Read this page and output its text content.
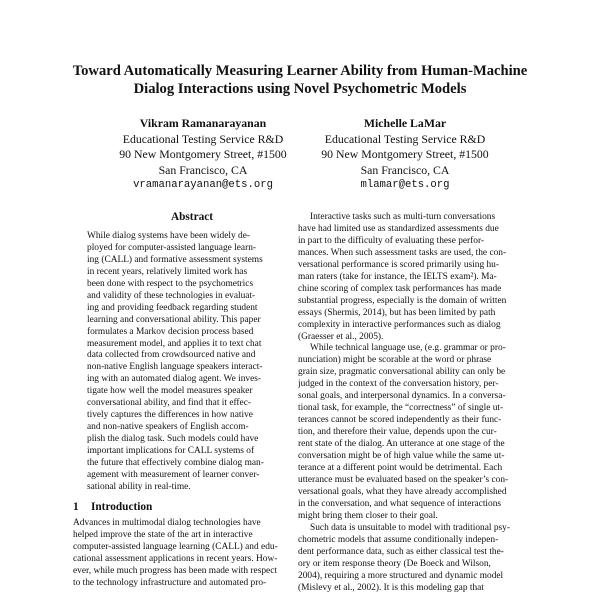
Toward Automatically Measuring Learner Ability from Human-Machine
Dialog Interactions using Novel Psychometric Models
Vikram Ramanarayanan
Educational Testing Service R&D
90 New Montgomery Street, #1500
San Francisco, CA
vramanarayanan@ets.org
Michelle LaMar
Educational Testing Service R&D
90 New Montgomery Street, #1500
San Francisco, CA
mlamar@ets.org
Abstract
While dialog systems have been widely de-
ployed for computer-assisted language learn-
ing (CALL) and formative assessment systems
in recent years, relatively limited work has
been done with respect to the psychometrics
and validity of these technologies in evaluat-
ing and providing feedback regarding student
learning and conversational ability. This paper
formulates a Markov decision process based
measurement model, and applies it to text chat
data collected from crowdsourced native and
non-native English language speakers interact-
ing with an automated dialog agent. We inves-
tigate how well the model measures speaker
conversational ability, and find that it effec-
tively captures the differences in how native
and non-native speakers of English accom-
plish the dialog task. Such models could have
important implications for CALL systems of
the future that effectively combine dialog man-
agement with measurement of learner conver-
sational ability in real-time.
1 Introduction
Advances in multimodal dialog technologies have
helped improve the state of the art in interactive
computer-assisted language learning (CALL) and edu-
cational assessment applications in recent years. How-
ever, while much progress has been made with respect
to the technology infrastructure and automated pro-
Interactive tasks such as multi-turn conversations
have had limited use as standardized assessments due
in part to the difficulty of evaluating these perfor-
mances. When such assessment tasks are used, the con-
versational performance is scored primarily using hu-
man raters (take for instance, the IELTS exam²). Ma-
chine scoring of complex task performances has made
substantial progress, especially is the domain of written
essays (Shermis, 2014), but has been limited by path
complexity in interactive performances such as dialog
(Graesser et al., 2005).
While technical language use, (e.g. grammar or pro-
nunciation) might be scorable at the word or phrase
grain size, pragmatic conversational ability can only be
judged in the context of the conversation history, per-
sonal goals, and interpersonal dynamics. In a conversa-
tional task, for example, the “correctness” of single ut-
terances cannot be scored independently as their func-
tion, and therefore their value, depends upon the cur-
rent state of the dialog. An utterance at one stage of the
conversation might be of high value while the same ut-
terance at a different point would be detrimental. Each
utterance must be evaluated based on the speaker’s con-
versational goals, what they have already accomplished
in the conversation, and what sequence of interactions
might bring them closer to their goal.
Such data is unsuitable to model with traditional psy-
chometric models that assume conditionally indepen-
dent performance data, such as either classical test the-
ory or item response theory (De Boeck and Wilson,
2004), requiring a more structured and dynamic model
(Mislevy et al., 2002). It is this modeling gap that
